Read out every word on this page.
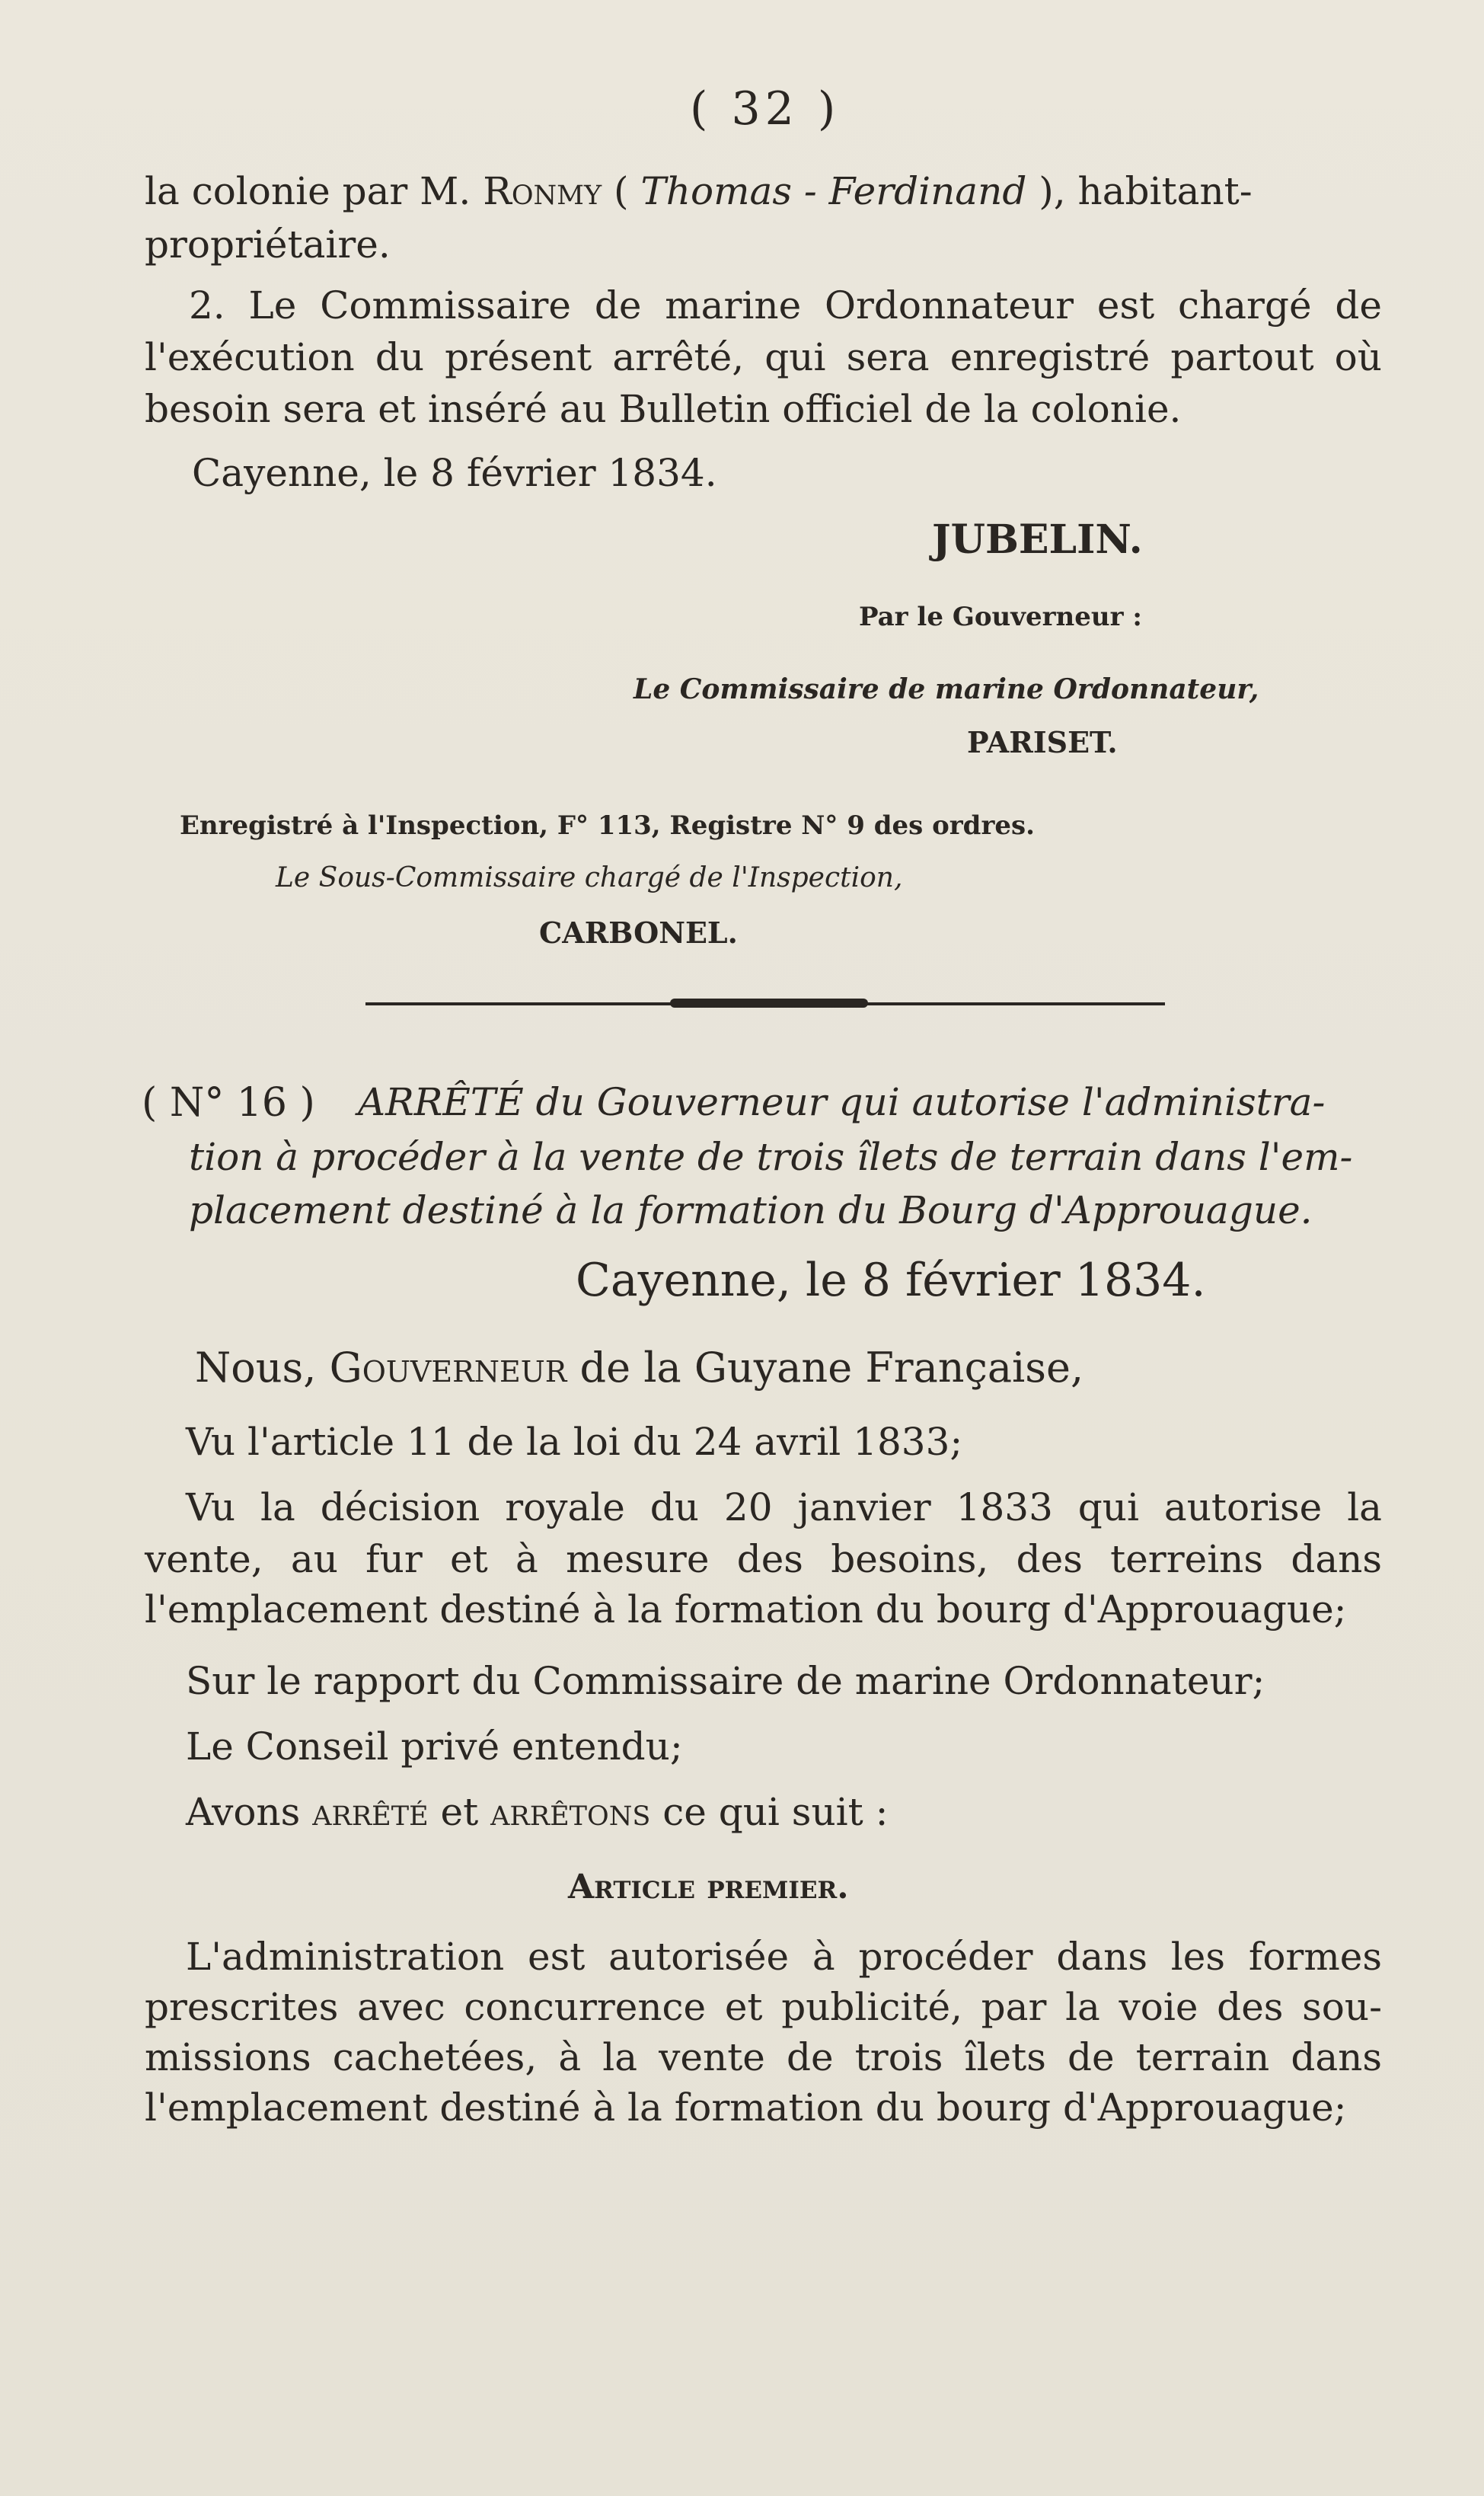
( 32 )
la colonie par M. Ronmy ( Thomas - Ferdinand ), habitant-
propriétaire.
2. Le Commissaire de marine Ordonnateur est chargé de
l'exécution du présent arrêté, qui sera enregistré partout où
besoin sera et inséré au Bulletin officiel de la colonie.
Cayenne, le 8 février 1834.
JUBELIN.
Par le Gouverneur :
Le Commissaire de marine Ordonnateur,
PARISET.
Enregistré à l'Inspection, F° 113, Registre N° 9 des ordres.
Le Sous-Commissaire chargé de l'Inspection,
CARBONEL.
( N° 16 ) ARRÊTÉ du Gouverneur qui autorise l'administra-
tion à procéder à la vente de trois îlets de terrain dans l'em-
placement destiné à la formation du Bourg d'Approuague.
Cayenne, le 8 février 1834.
Nous, Gouverneur de la Guyane Française,
Vu l'article 11 de la loi du 24 avril 1833;
Vu la décision royale du 20 janvier 1833 qui autorise la
vente, au fur et à mesure des besoins, des terreins dans
l'emplacement destiné à la formation du bourg d'Approuague;
Sur le rapport du Commissaire de marine Ordonnateur;
Le Conseil privé entendu;
Avons arrêté et arrêtons ce qui suit :
Article premier.
L'administration est autorisée à procéder dans les formes
prescrites avec concurrence et publicité, par la voie des sou-
missions cachetées, à la vente de trois îlets de terrain dans
l'emplacement destiné à la formation du bourg d'Approuague;
